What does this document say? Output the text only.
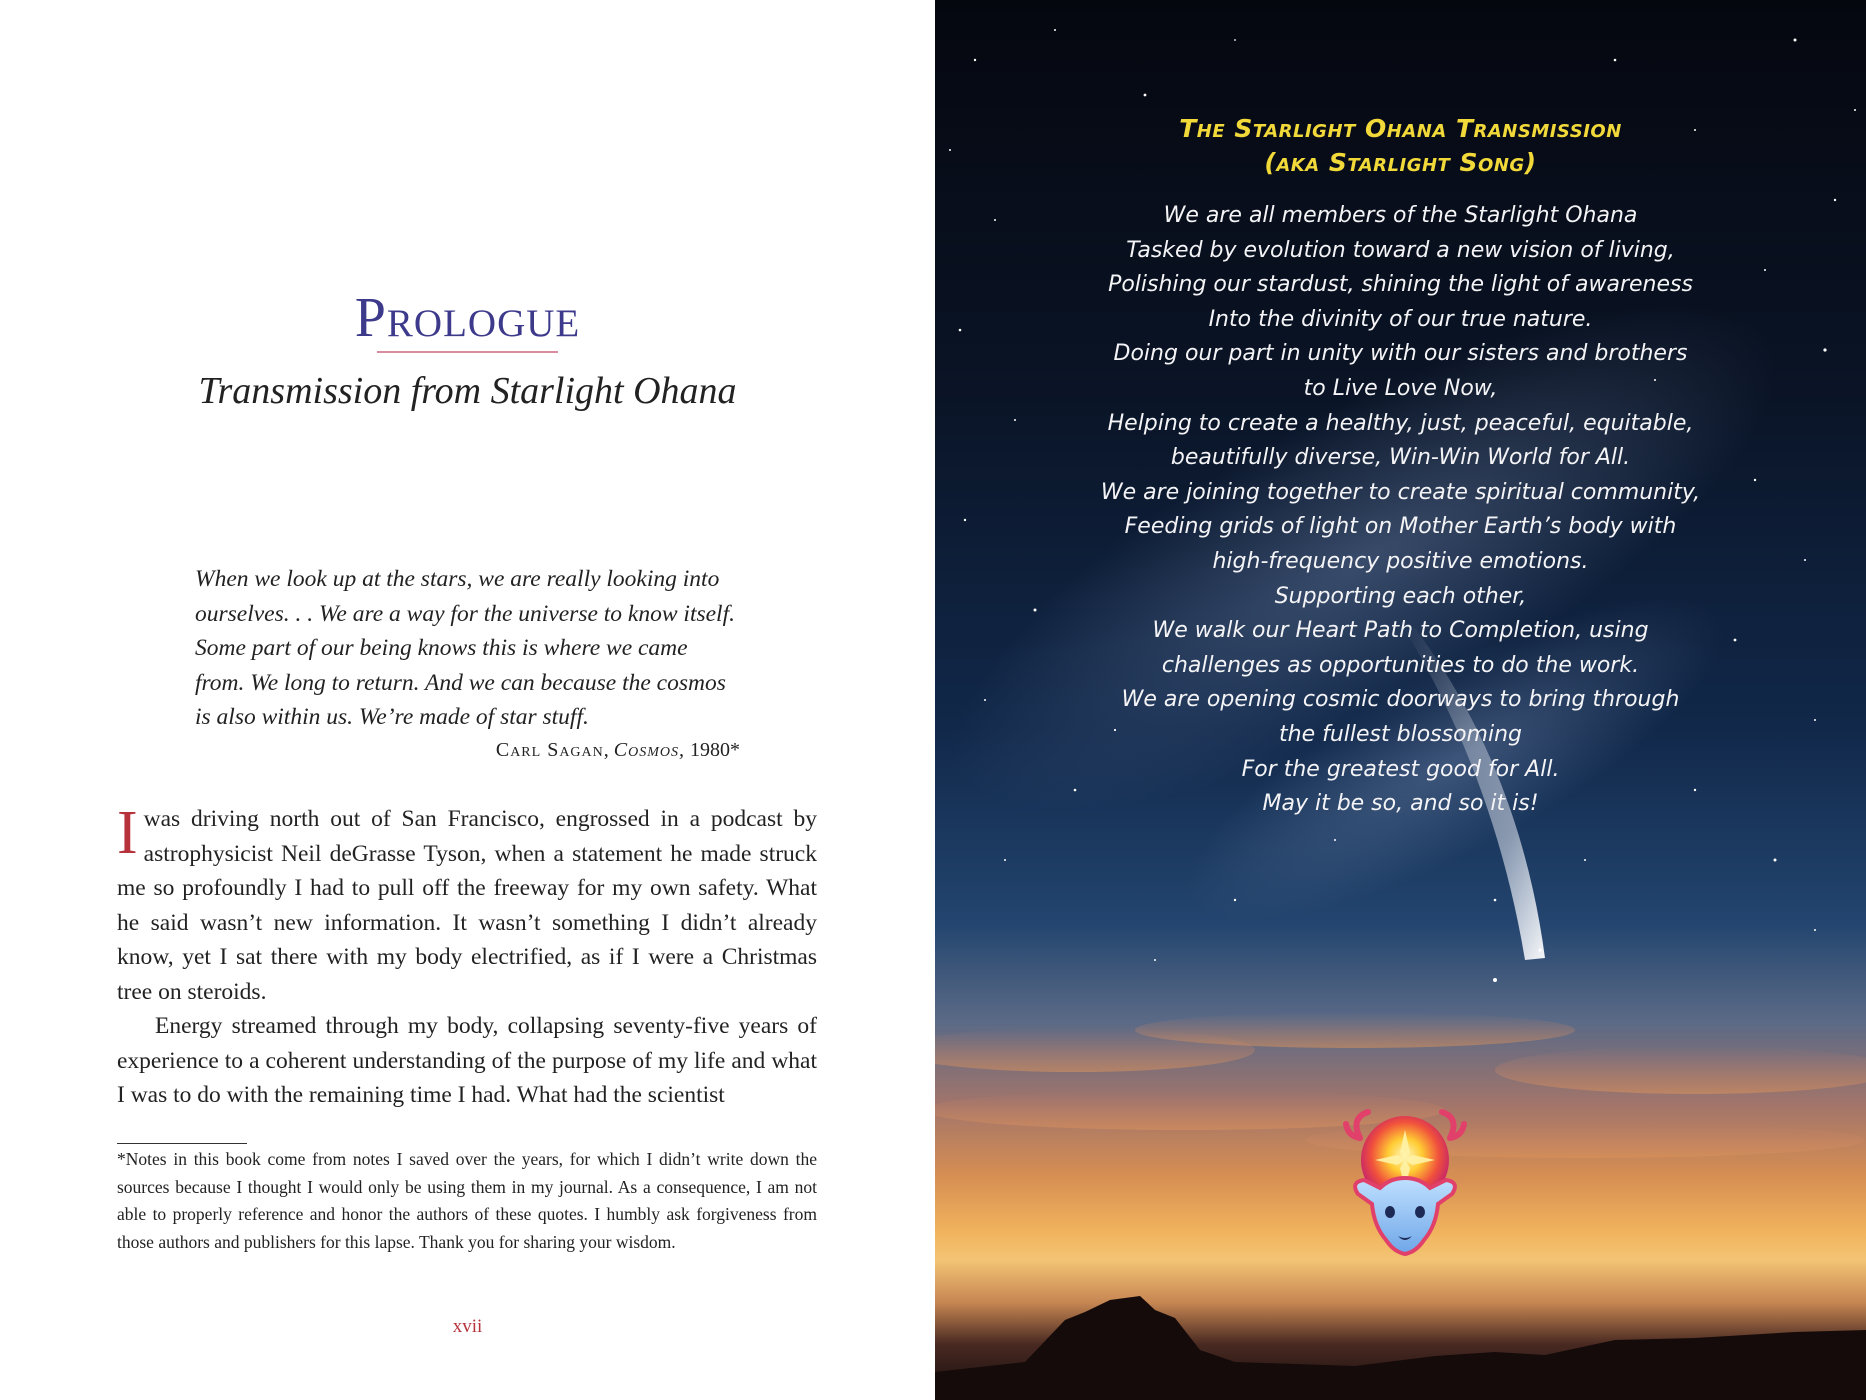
Prologue
Transmission from Starlight Ohana

When we look up at the stars, we are really looking into ourselves. . . We are a way for the universe to know itself. Some part of our being knows this is where we came from. We long to return. And we can because the cosmos is also within us. We’re made of star stuff.

Carl Sagan, Cosmos, 1980*

Iwas driving north out of San Francisco, engrossed in a podcast by astrophysicist Neil deGrasse Tyson, when a statement he made struck me so profoundly I had to pull off the freeway for my own safety. What he said wasn’t new information. It wasn’t something I didn’t already know, yet I sat there with my body electrified, as if I were a Christmas tree on steroids.

Energy streamed through my body, collapsing seventy-five years of experience to a coherent understanding of the purpose of my life and what I was to do with the remaining time I had. What had the scientist

*Notes in this book come from notes I saved over the years, for which I didn’t write down the sources because I thought I would only be using them in my journal. As a consequence, I am not able to properly reference and honor the authors of these quotes. I humbly ask forgiveness from those authors and publishers for this lapse. Thank you for sharing your wisdom.

xvii
The Starlight Ohana Transmission
(aka Starlight Song)
We are all members of the Starlight Ohana
Tasked by evolution toward a new vision of living,
Polishing our stardust, shining the light of awareness
Into the divinity of our true nature.
Doing our part in unity with our sisters and brothers
to Live Love Now,
Helping to create a healthy, just, peaceful, equitable,
beautifully diverse, Win-Win World for All.
We are joining together to create spiritual community,
Feeding grids of light on Mother Earth’s body with
high-frequency positive emotions.
Supporting each other,
We walk our Heart Path to Completion, using
challenges as opportunities to do the work.
We are opening cosmic doorways to bring through
the fullest blossoming
For the greatest good for All.
May it be so, and so it is!
